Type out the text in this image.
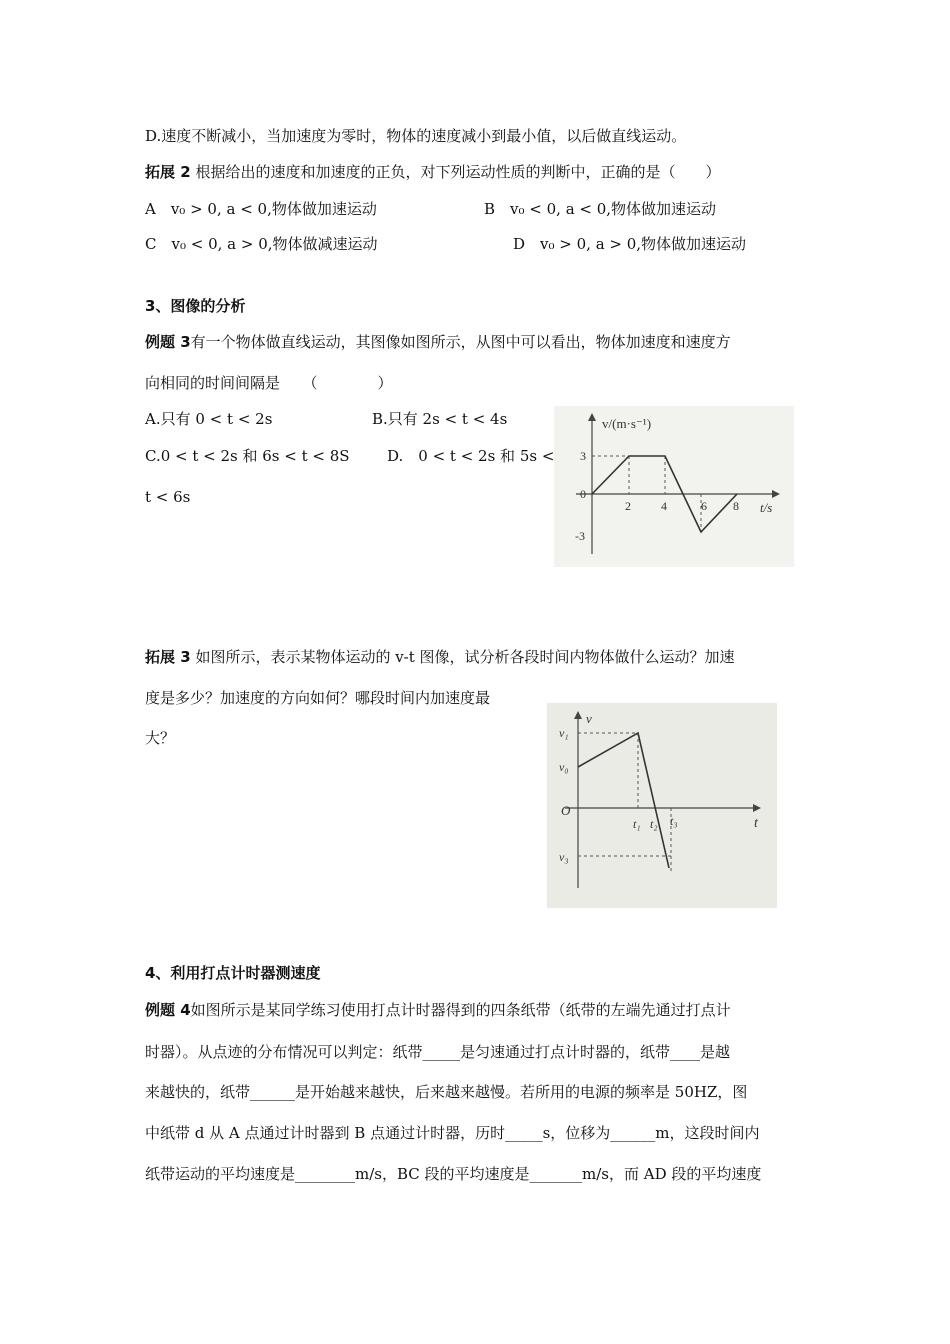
D.速度不断减小，当加速度为零时，物体的速度减小到最小值，以后做直线运动。
拓展 2 根据给出的速度和加速度的正负，对下列运动性质的判断中，正确的是（　　）
A　v₀ > 0, a < 0,物体做加速运动	B　v₀ < 0, a < 0,物体做加速运动
C　v₀ < 0, a > 0,物体做减速运动	D　v₀ > 0, a > 0,物体做加速运动
3、图像的分析
例题 3有一个物体做直线运动，其图像如图所示，从图中可以看出，物体加速度和速度方
向相同的时间间隔是　　（　　　　）
A.只有 0 < t < 2s	B.只有 2s < t < 4s
C.0 < t < 2s 和 6s < t < 8S D.　0 < t < 2s 和 5s <
t < 6s
v/(m·s⁻¹)
t/s
0
3
-3
2	4	6 8
拓展 3 如图所示，表示某物体运动的 v-t 图像，试分析各段时间内物体做什么运动？加速
度是多少？加速度的方向如何？哪段时间内加速度最
大？
v
t
O
v₁
v₀
v₃
t₁ t₂ t₃
4、利用打点计时器测速度
例题 4如图所示是某同学练习使用打点计时器得到的四条纸带（纸带的左端先通过打点计
时器）。从点迹的分布情况可以判定：纸带_____是匀速通过打点计时器的，纸带____是越
来越快的，纸带______是开始越来越快，后来越来越慢。若所用的电源的频率是 50HZ，图
中纸带 d 从 A 点通过计时器到 B 点通过计时器，历时_____s，位移为______m，这段时间内
纸带运动的平均速度是________m/s，BC 段的平均速度是_______m/s，而 AD 段的平均速度
